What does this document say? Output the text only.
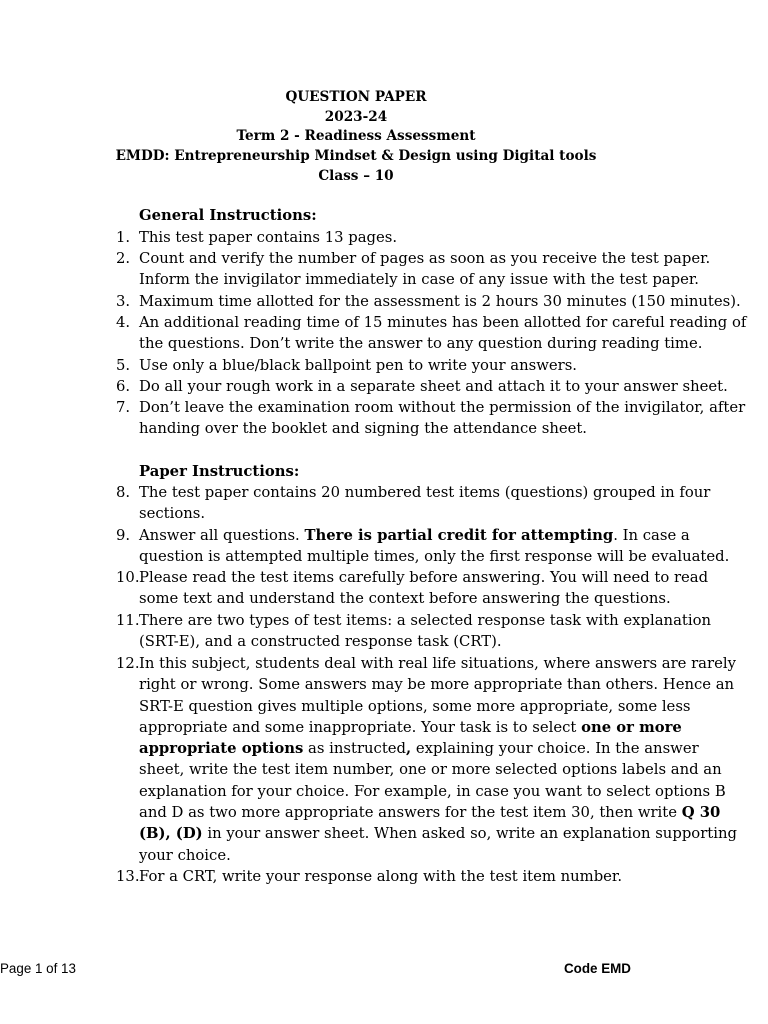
QUESTION PAPER
2023-24
Term 2 - Readiness Assessment
EMDD: Entrepreneurship Mindset & Design using Digital tools
Class – 10
General Instructions:
1. This test paper contains 13 pages.
2. Count and verify the number of pages as soon as you receive the test paper.
Inform the invigilator immediately in case of any issue with the test paper.
3. Maximum time allotted for the assessment is 2 hours 30 minutes (150 minutes).
4. An additional reading time of 15 minutes has been allotted for careful reading of
the questions. Don’t write the answer to any question during reading time.
5. Use only a blue/black ballpoint pen to write your answers.
6. Do all your rough work in a separate sheet and attach it to your answer sheet.
7. Don’t leave the examination room without the permission of the invigilator, after
handing over the booklet and signing the attendance sheet.
Paper Instructions:
8. The test paper contains 20 numbered test items (questions) grouped in four
sections.
9. Answer all questions. There is partial credit for attempting. In case a
question is attempted multiple times, only the first response will be evaluated.
10. Please read the test items carefully before answering. You will need to read
some text and understand the context before answering the questions.
11. There are two types of test items: a selected response task with explanation
(SRT-E), and a constructed response task (CRT).
12. In this subject, students deal with real life situations, where answers are rarely
right or wrong. Some answers may be more appropriate than others. Hence an
SRT-E question gives multiple options, some more appropriate, some less
appropriate and some inappropriate. Your task is to select one or more
appropriate options as instructed, explaining your choice. In the answer
sheet, write the test item number, one or more selected options labels and an
explanation for your choice. For example, in case you want to select options B
and D as two more appropriate answers for the test item 30, then write Q 30
(B), (D) in your answer sheet. When asked so, write an explanation supporting
your choice.
13. For a CRT, write your response along with the test item number.
Page 1 of 13	Code EMD
